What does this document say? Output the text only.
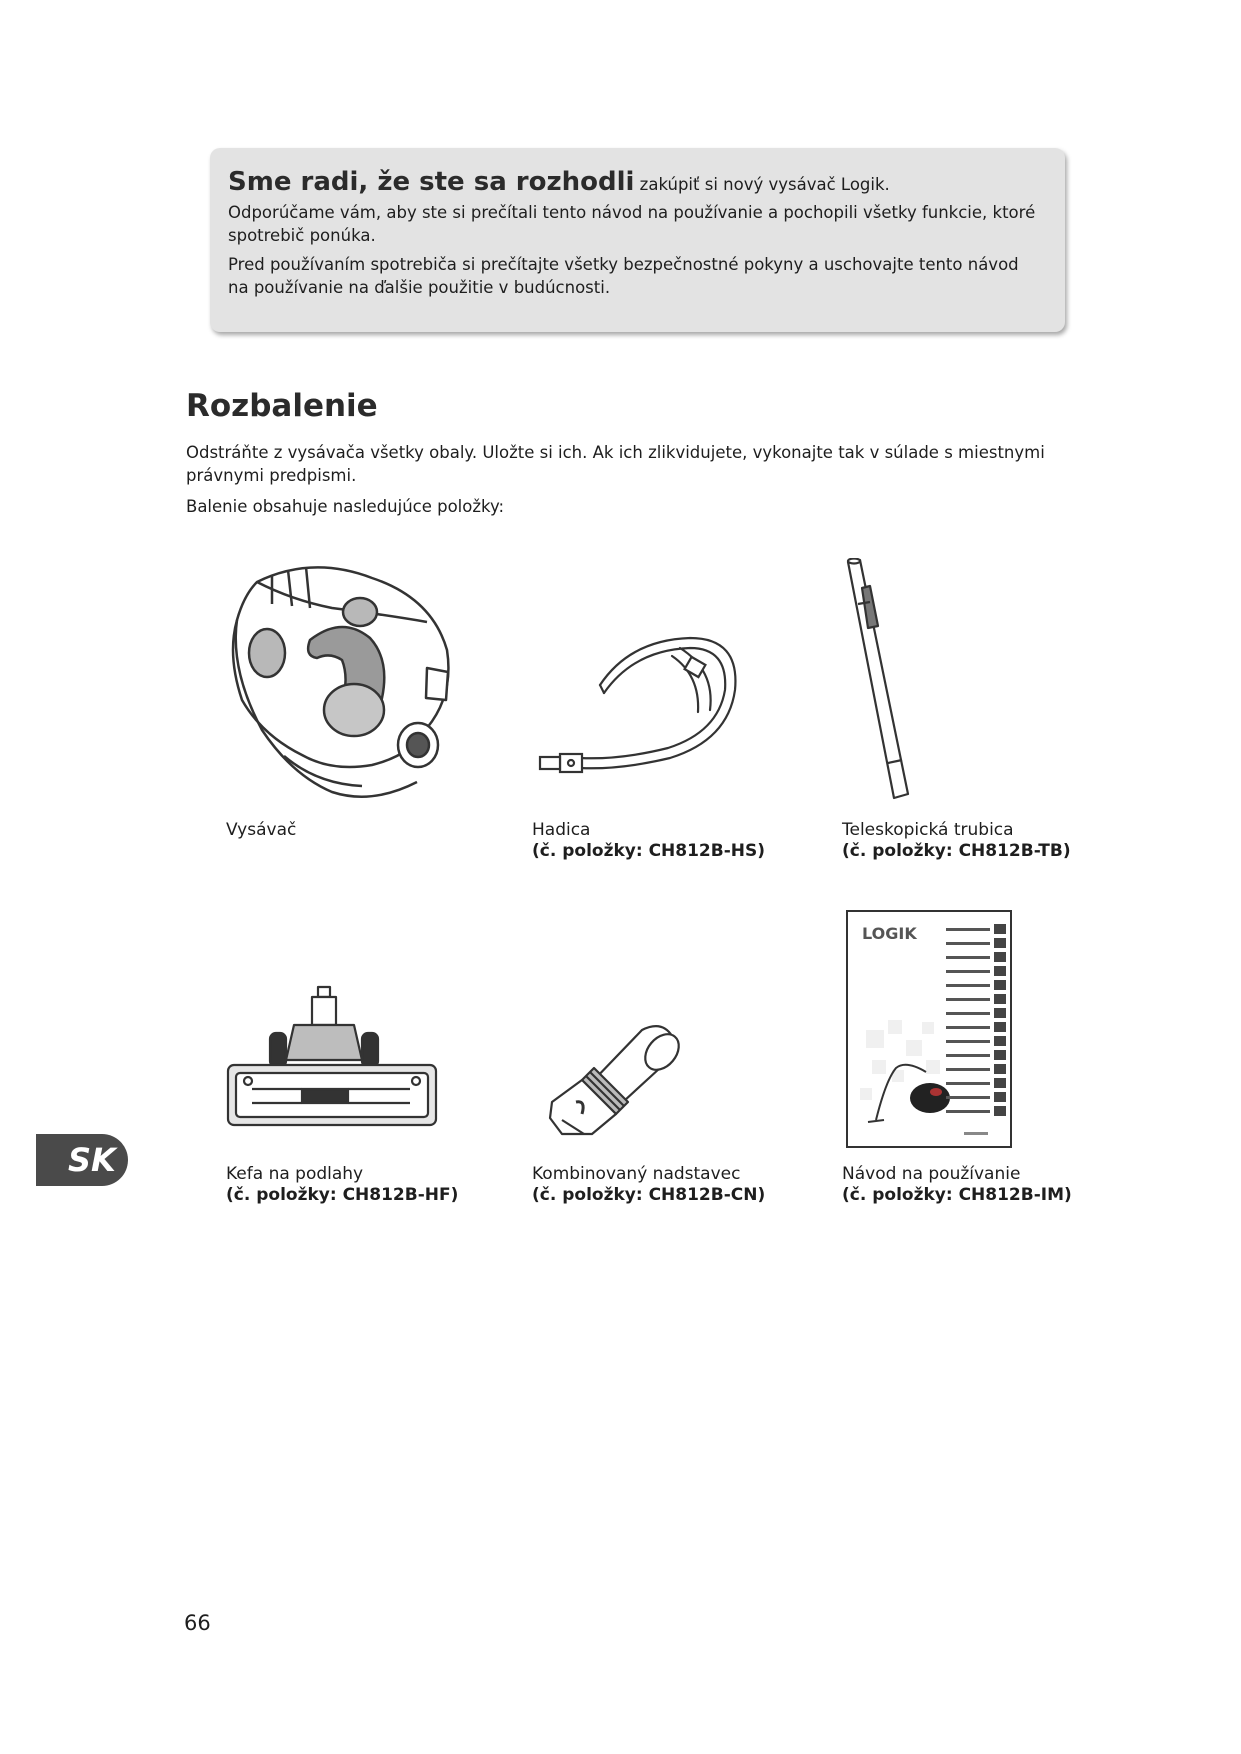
Sme radi, že ste sa rozhodli zakúpiť si nový vysávač Logik.

Odporúčame vám, aby ste si prečítali tento návod na používanie a pochopili všetky funkcie, ktoré spotrebič ponúka.

Pred používaním spotrebiča si prečítajte všetky bezpečnostné pokyny a uschovajte tento návod na používanie na ďalšie použitie v budúcnosti.

Rozbalenie

Odstráňte z vysávača všetky obaly. Uložte si ich. Ak ich zlikvidujete, vykonajte tak v súlade s miestnymi právnymi predpismi.

Balenie obsahuje nasledujúce položky:

Vysávač	Hadica
(č. položky: CH812B-HS)
Teleskopická trubica
(č. položky: CH812B-TB)
Kefa na podlahy
(č. položky: CH812B-HF)
Kombinovaný nadstavec
(č. položky: CH812B-CN)
LOGIK
Návod na používanie
(č. položky: CH812B-IM)
SK
66
